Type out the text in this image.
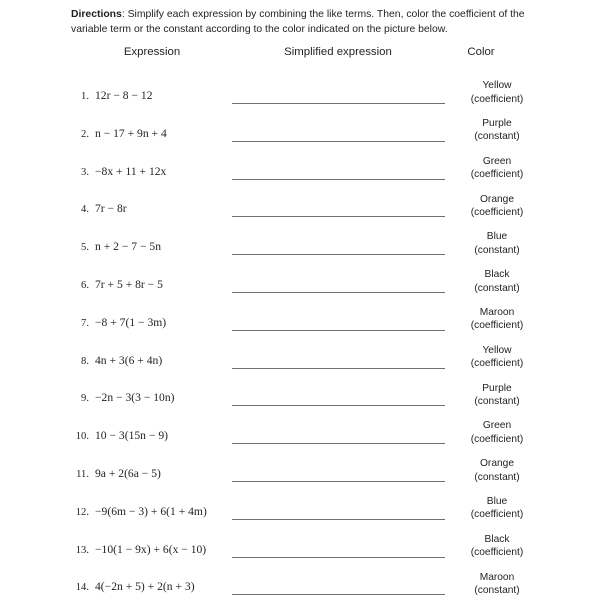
Directions: Simplify each expression by combining the like terms. Then, color the coefficient of the variable term or the constant according to the color indicated on the picture below.
Expression	Simplified expression	Color
1. 12r − 8 − 12
Yellow
(coefficient)
2. n − 17 + 9n + 4
Purple
(constant)
3. −8x + 11 + 12x
Green
(coefficient)
4. 7r − 8r
Orange
(coefficient)
5. n + 2 − 7 − 5n
Blue
(constant)
6. 7r + 5 + 8r − 5
Black
(constant)
7. −8 + 7(1 − 3m)
Maroon
(coefficient)
8. 4n + 3(6 + 4n)
Yellow
(coefficient)
9. −2n − 3(3 − 10n)
Purple
(constant)
10. 10 − 3(15n − 9)
Green
(coefficient)
11. 9a + 2(6a − 5)
Orange
(constant)
12. −9(6m − 3) + 6(1 + 4m)
Blue
(coefficient)
13. −10(1 − 9x) + 6(x − 10)
Black
(coefficient)
14. 4(−2n + 5) + 2(n + 3)
Maroon
(constant)
